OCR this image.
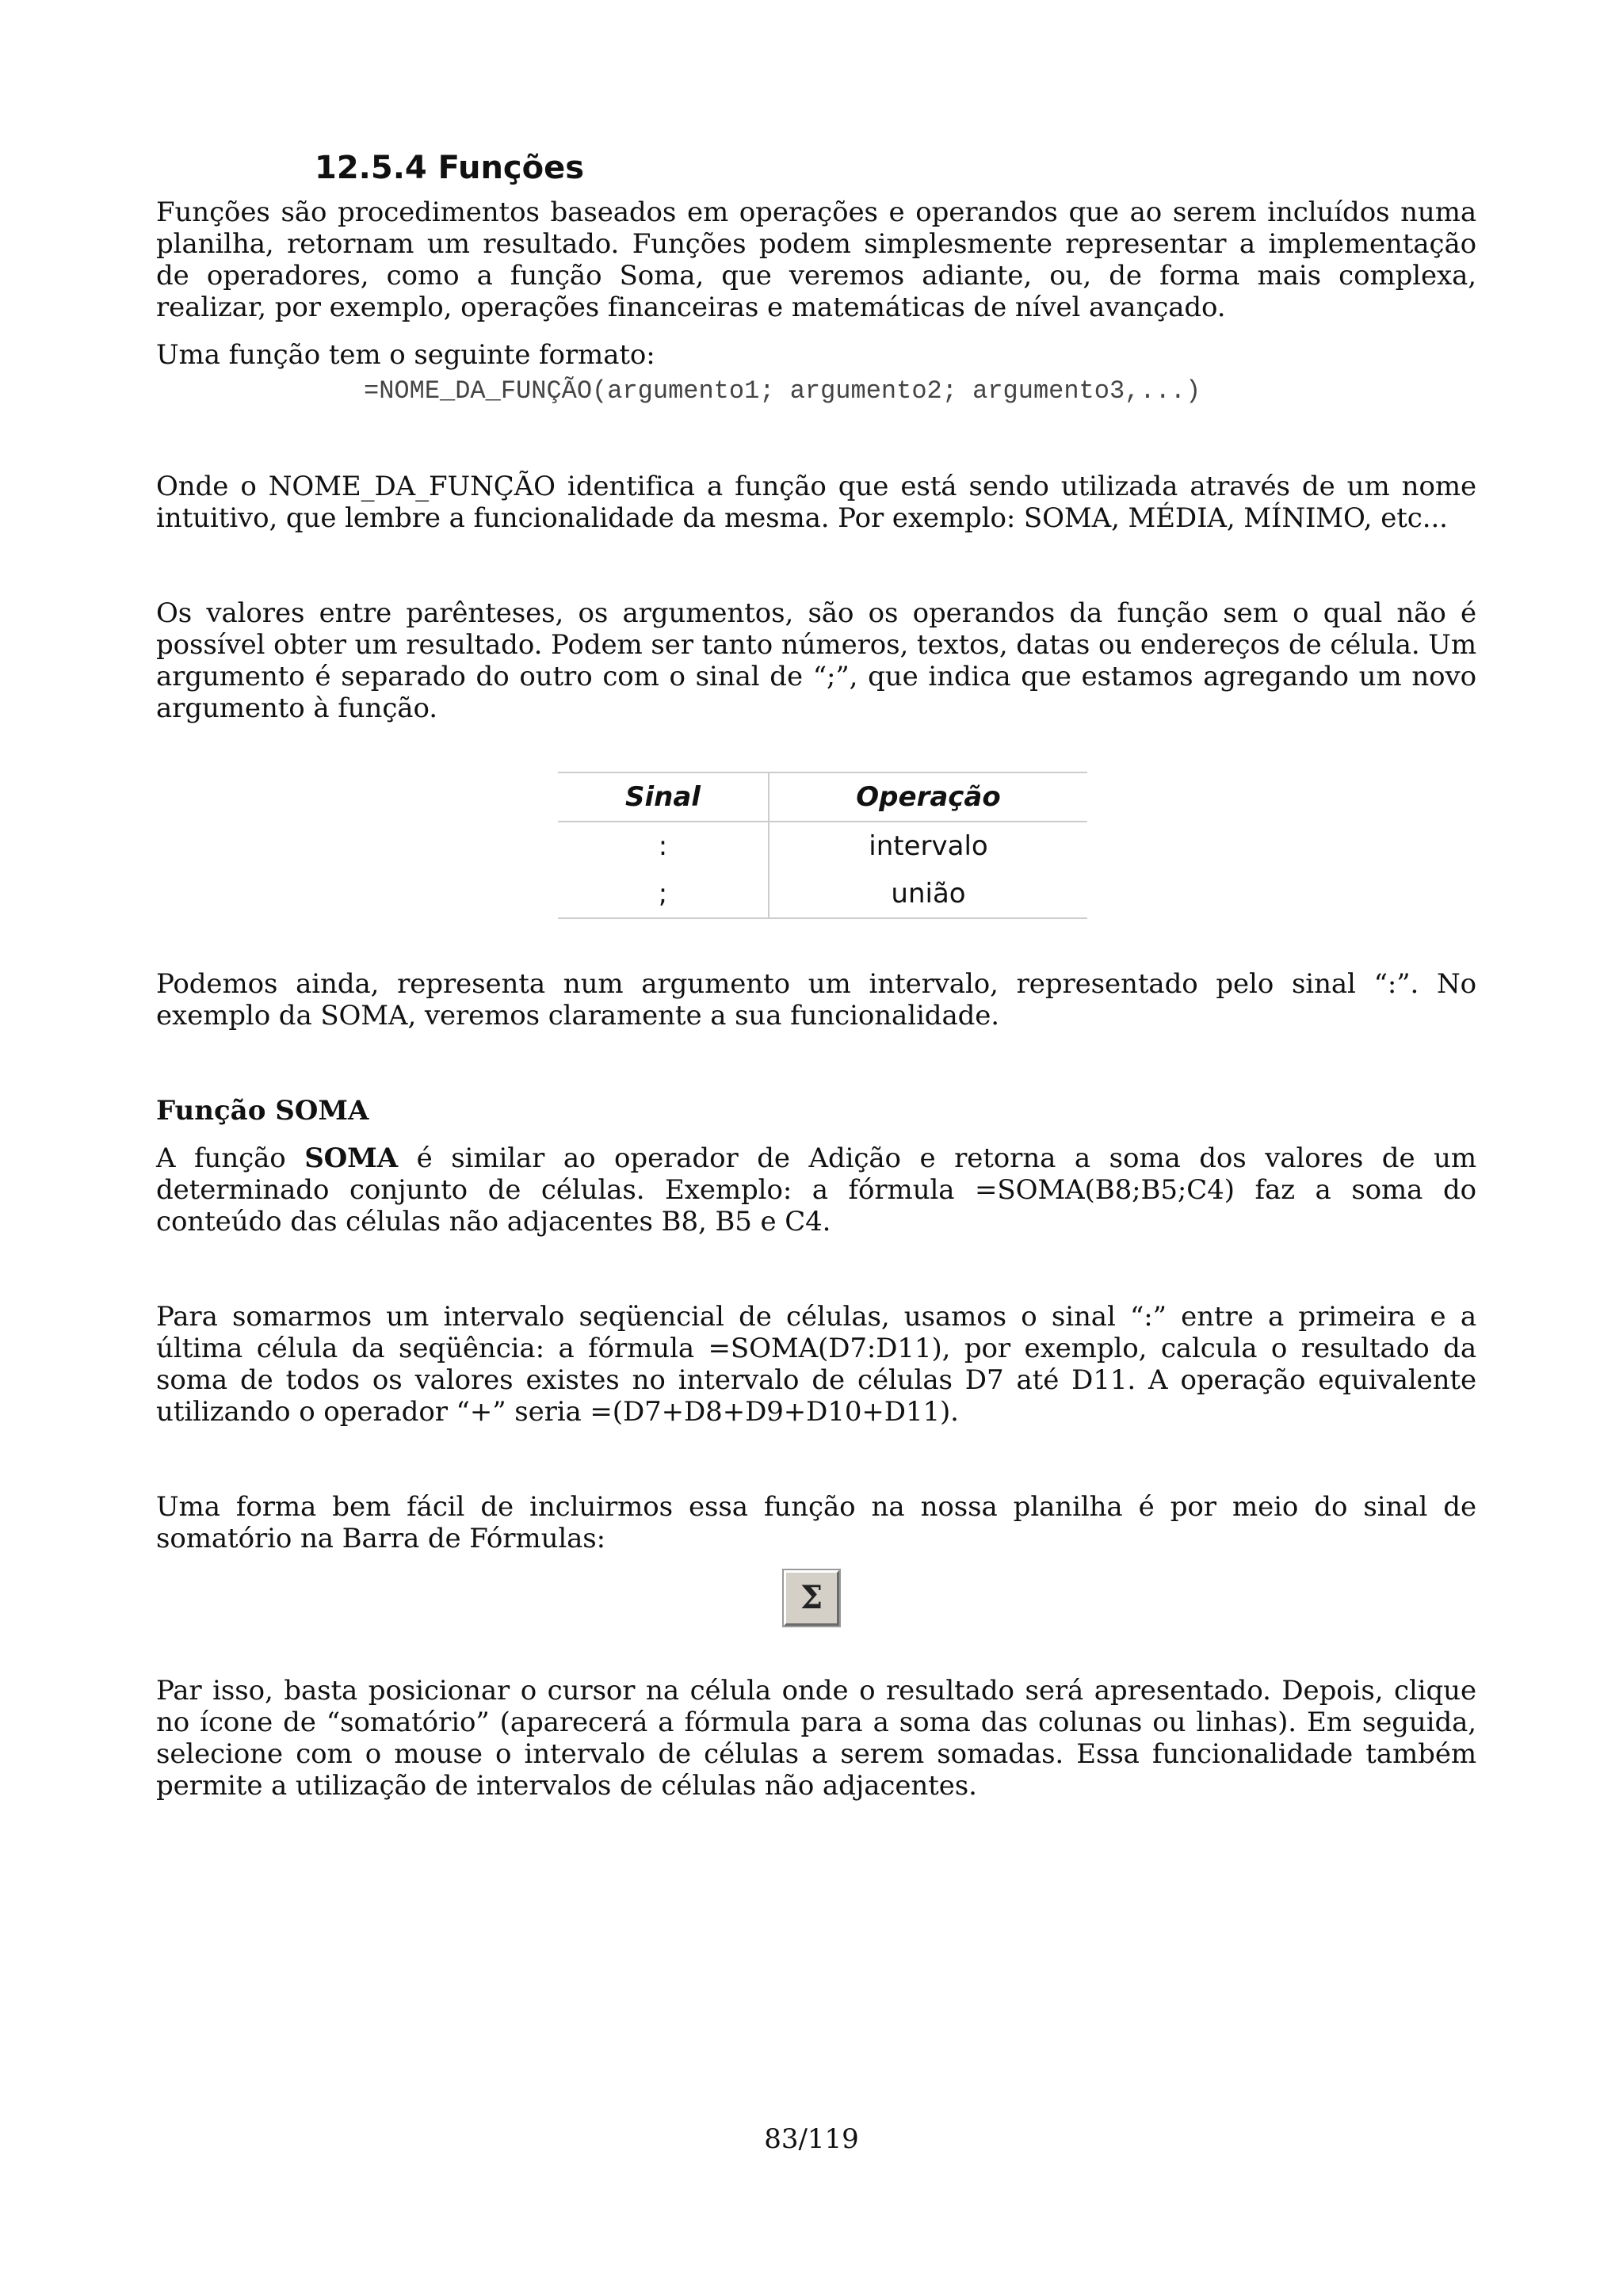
12.5.4 Funções

Funções são procedimentos baseados em operações e operandos que ao serem incluídos numa planilha, retornam um resultado. Funções podem simplesmente representar a implementação de operadores, como a função Soma, que veremos adiante, ou, de forma mais complexa, realizar, por exemplo, operações financeiras e matemáticas de nível avançado.

Uma função tem o seguinte formato:

=NOME_DA_FUNÇÃO(argumento1; argumento2; argumento3,...)

Onde o NOME_DA_FUNÇÃO identifica a função que está sendo utilizada através de um nome intuitivo, que lembre a funcionalidade da mesma. Por exemplo: SOMA, MÉDIA, MÍNIMO, etc...

Os valores entre parênteses, os argumentos, são os operandos da função sem o qual não é possível obter um resultado. Podem ser tanto números, textos, datas ou endereços de célula. Um argumento é separado do outro com o sinal de “;”, que indica que estamos agregando um novo argumento à função.

Sinal	Operação
:	intervalo
;	união

Podemos ainda, representa num argumento um intervalo, representado pelo sinal “:”. No exemplo da SOMA, veremos claramente a sua funcionalidade.

Função SOMA

A função SOMA é similar ao operador de Adição e retorna a soma dos valores de um determinado conjunto de células. Exemplo: a fórmula =SOMA(B8;B5;C4) faz a soma do conteúdo das células não adjacentes B8, B5 e C4.

Para somarmos um intervalo seqüencial de células, usamos o sinal “:” entre a primeira e a última célula da seqüência: a fórmula =SOMA(D7:D11), por exemplo, calcula o resultado da soma de todos os valores existes no intervalo de células D7 até D11. A operação equivalente utilizando o operador “+” seria =(D7+D8+D9+D10+D11).

Uma forma bem fácil de incluirmos essa função na nossa planilha é por meio do sinal de somatório na Barra de Fórmulas:

Σ

Par isso, basta posicionar o cursor na célula onde o resultado será apresentado. Depois, clique no ícone de “somatório” (aparecerá a fórmula para a soma das colunas ou linhas). Em seguida, selecione com o mouse o intervalo de células a serem somadas. Essa funcionalidade também permite a utilização de intervalos de células não adjacentes.

83/119
